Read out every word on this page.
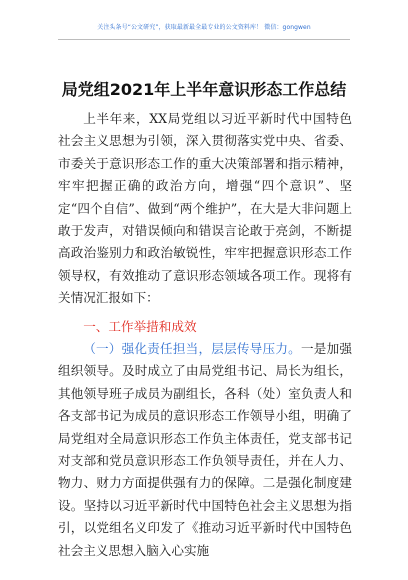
关注头条号“公文研究”，获取最新最全最专业的公文资料库！ 微信：gongwen
局党组2021年上半年意识形态工作总结

上半年来，XX局党组以习近平新时代中国特色社会主义思想为引领，深入贯彻落实党中央、省委、市委关于意识形态工作的重大决策部署和指示精神，牢牢把握正确的政治方向，增强“四个意识”、坚定“四个自信”、做到“两个维护”，在大是大非问题上敢于发声，对错误倾向和错误言论敢于亮剑，不断提高政治鉴别力和政治敏锐性，牢牢把握意识形态工作领导权，有效推动了意识形态领域各项工作。现将有关情况汇报如下：

一、工作举措和成效

（一）强化责任担当，层层传导压力。一是加强组织领导。及时成立了由局党组书记、局长为组长，其他领导班子成员为副组长，各科（处）室负责人和各支部书记为成员的意识形态工作领导小组，明确了局党组对全局意识形态工作负主体责任，党支部书记对支部和党员意识形态工作负领导责任，并在人力、物力、财力方面提供强有力的保障。二是强化制度建设。坚持以习近平新时代中国特色社会主义思想为指引，以党组名义印发了《推动习近平新时代中国特色社会主义思想入脑入心实施
